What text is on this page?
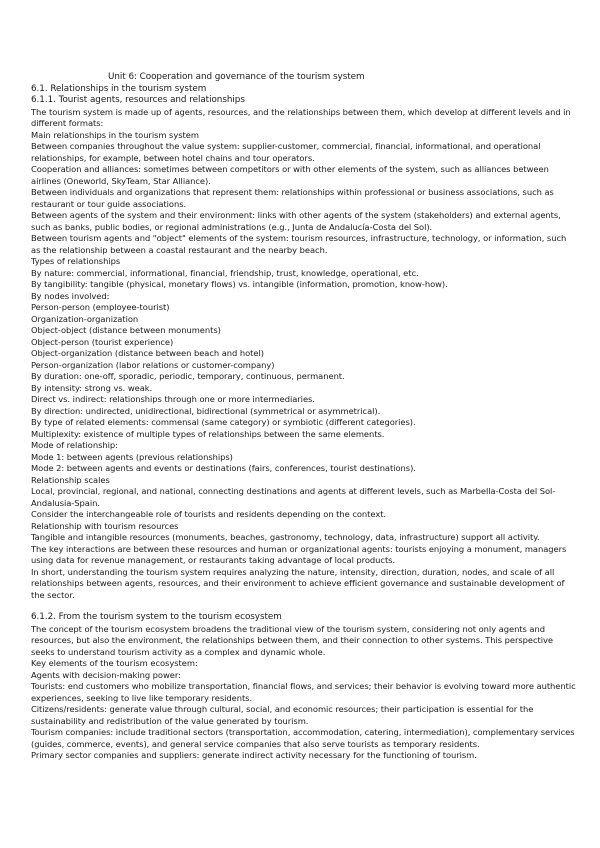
Unit 6: Cooperation and governance of the tourism system
6.1. Relationships in the tourism system
6.1.1. Tourist agents, resources and relationships

The tourism system is made up of agents, resources, and the relationships between them, which develop at different levels and in different formats:

Main relationships in the tourism system

Between companies throughout the value system: supplier-customer, commercial, financial, informational, and operational relationships, for example, between hotel chains and tour operators.

Cooperation and alliances: sometimes between competitors or with other elements of the system, such as alliances between airlines (Oneworld, SkyTeam, Star Alliance).

Between individuals and organizations that represent them: relationships within professional or business associations, such as restaurant or tour guide associations.

Between agents of the system and their environment: links with other agents of the system (stakeholders) and external agents, such as banks, public bodies, or regional administrations (e.g., Junta de Andalucía-Costa del Sol).

Between tourism agents and "object" elements of the system: tourism resources, infrastructure, technology, or information, such as the relationship between a coastal restaurant and the nearby beach.

Types of relationships

By nature: commercial, informational, financial, friendship, trust, knowledge, operational, etc.

By tangibility: tangible (physical, monetary flows) vs. intangible (information, promotion, know-how).

By nodes involved:

Person-person (employee-tourist)

Organization-organization

Object-object (distance between monuments)

Object-person (tourist experience)

Object-organization (distance between beach and hotel)

Person-organization (labor relations or customer-company)

By duration: one-off, sporadic, periodic, temporary, continuous, permanent.

By intensity: strong vs. weak.

Direct vs. indirect: relationships through one or more intermediaries.

By direction: undirected, unidirectional, bidirectional (symmetrical or asymmetrical).

By type of related elements: commensal (same category) or symbiotic (different categories).

Multiplexity: existence of multiple types of relationships between the same elements.

Mode of relationship:

Mode 1: between agents (previous relationships)

Mode 2: between agents and events or destinations (fairs, conferences, tourist destinations).

Relationship scales

Local, provincial, regional, and national, connecting destinations and agents at different levels, such as Marbella-Costa del Sol-Andalusia-Spain.

Consider the interchangeable role of tourists and residents depending on the context.

Relationship with tourism resources

Tangible and intangible resources (monuments, beaches, gastronomy, technology, data, infrastructure) support all activity.

The key interactions are between these resources and human or organizational agents: tourists enjoying a monument, managers using data for revenue management, or restaurants taking advantage of local products.

In short, understanding the tourism system requires analyzing the nature, intensity, direction, duration, nodes, and scale of all relationships between agents, resources, and their environment to achieve efficient governance and sustainable development of the sector.

6.1.2. From the tourism system to the tourism ecosystem

The concept of the tourism ecosystem broadens the traditional view of the tourism system, considering not only agents and resources, but also the environment, the relationships between them, and their connection to other systems. This perspective seeks to understand tourism activity as a complex and dynamic whole.

Key elements of the tourism ecosystem:

Agents with decision-making power:

Tourists: end customers who mobilize transportation, financial flows, and services; their behavior is evolving toward more authentic experiences, seeking to live like temporary residents.

Citizens/residents: generate value through cultural, social, and economic resources; their participation is essential for the sustainability and redistribution of the value generated by tourism.

Tourism companies: include traditional sectors (transportation, accommodation, catering, intermediation), complementary services (guides, commerce, events), and general service companies that also serve tourists as temporary residents.

Primary sector companies and suppliers: generate indirect activity necessary for the functioning of tourism.
